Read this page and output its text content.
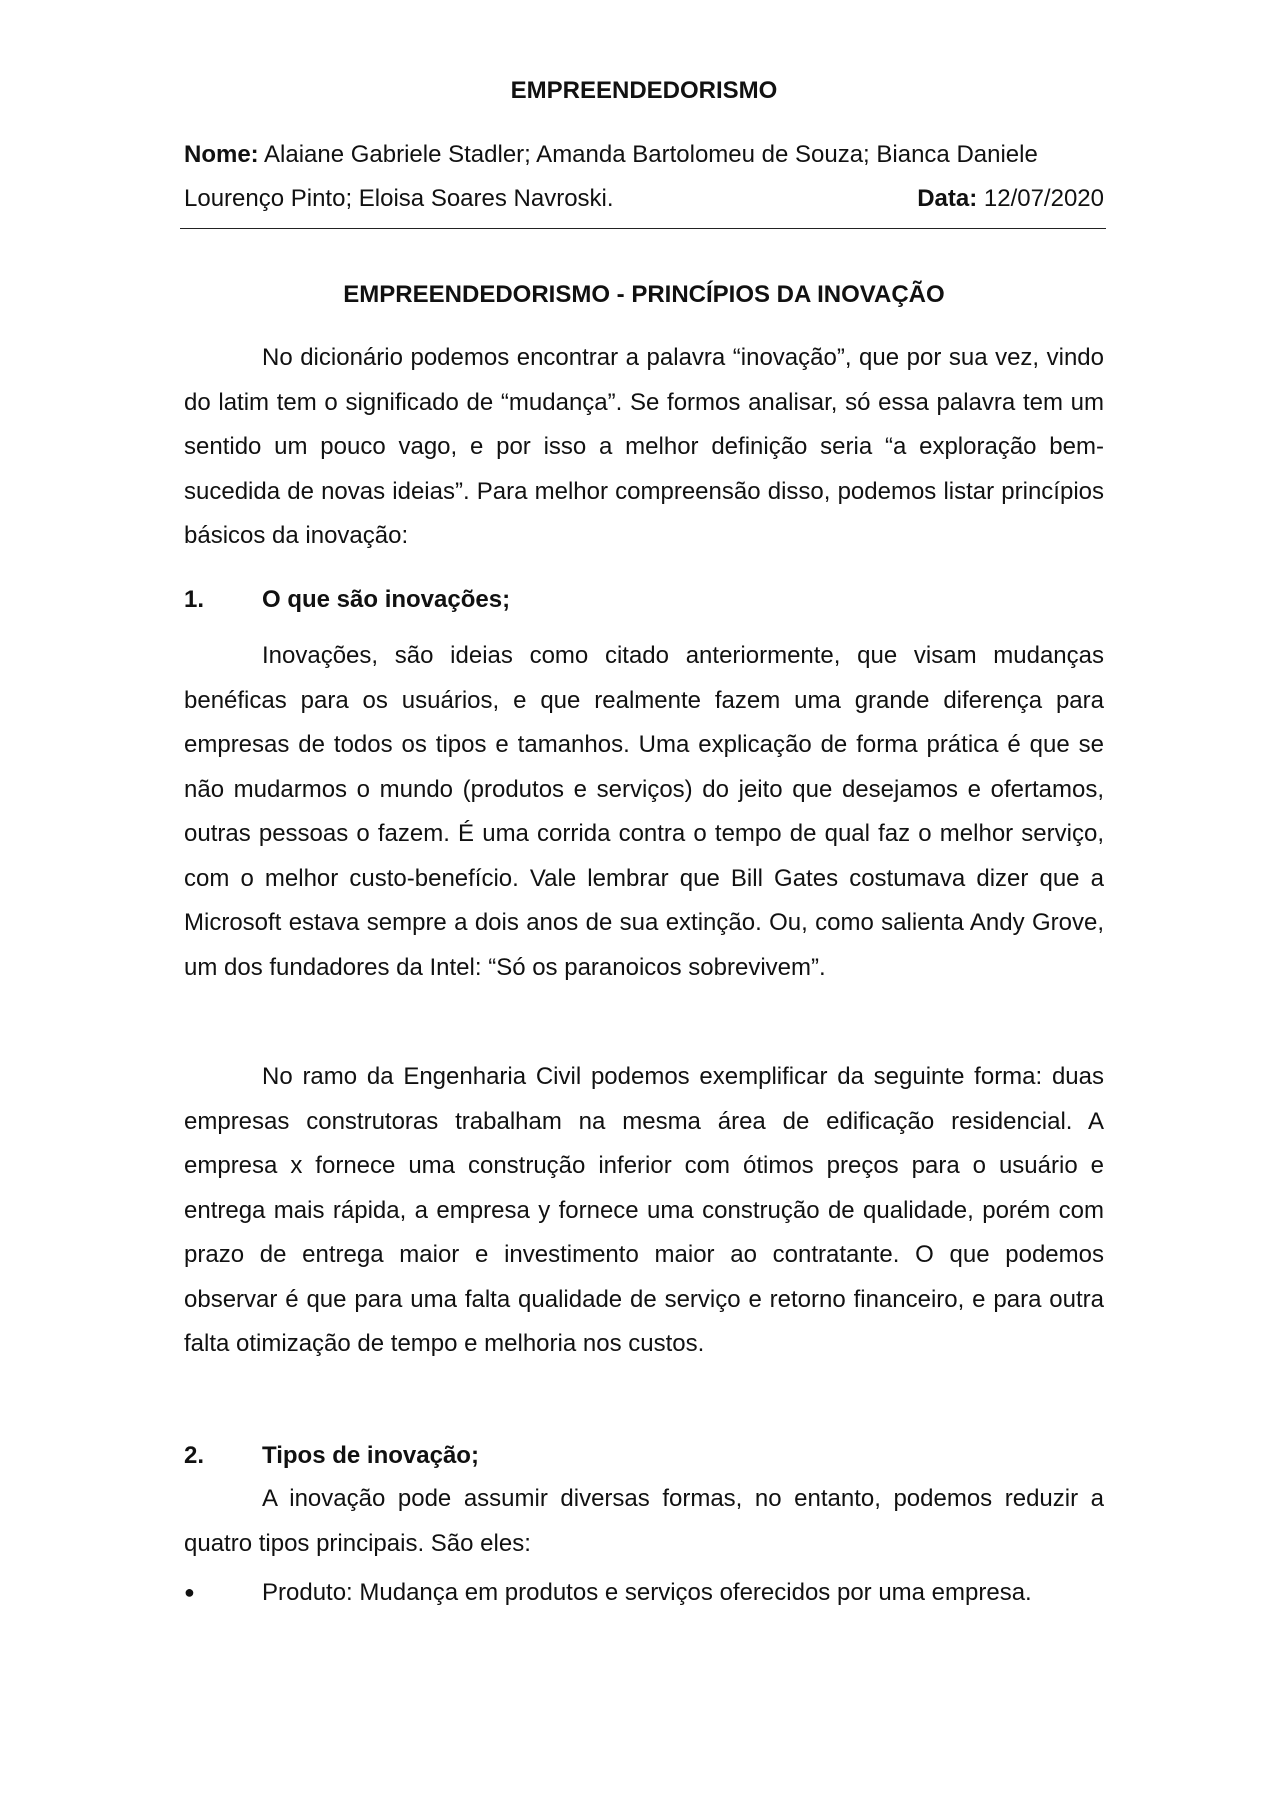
EMPREENDEDORISMO
Nome: Alaiane Gabriele Stadler; Amanda Bartolomeu de Souza; Bianca Daniele
Lourenço Pinto; Eloisa Soares Navroski.	Data: 12/07/2020
EMPREENDEDORISMO - PRINCÍPIOS DA INOVAÇÃO

No dicionário podemos encontrar a palavra “inovação”, que por sua vez, vindo do latim tem o significado de “mudança”. Se formos analisar, só essa palavra tem um sentido um pouco vago, e por isso a melhor definição seria “a exploração bem-sucedida de novas ideias”. Para melhor compreensão disso, podemos listar princípios básicos da inovação:

1. O que são inovações;

Inovações, são ideias como citado anteriormente, que visam mudanças benéficas para os usuários, e que realmente fazem uma grande diferença para empresas de todos os tipos e tamanhos. Uma explicação de forma prática é que se não mudarmos o mundo (produtos e serviços) do jeito que desejamos e ofertamos, outras pessoas o fazem. É uma corrida contra o tempo de qual faz o melhor serviço, com o melhor custo-benefício. Vale lembrar que Bill Gates costumava dizer que a Microsoft estava sempre a dois anos de sua extinção. Ou, como salienta Andy Grove, um dos fundadores da Intel: “Só os paranoicos sobrevivem”.

No ramo da Engenharia Civil podemos exemplificar da seguinte forma: duas empresas construtoras trabalham na mesma área de edificação residencial. A empresa x fornece uma construção inferior com ótimos preços para o usuário e entrega mais rápida, a empresa y fornece uma construção de qualidade, porém com prazo de entrega maior e investimento maior ao contratante. O que podemos observar é que para uma falta qualidade de serviço e retorno financeiro, e para outra falta otimização de tempo e melhoria nos custos.

2. Tipos de inovação;

A inovação pode assumir diversas formas, no entanto, podemos reduzir a quatro tipos principais. São eles:

●	Produto: Mudança em produtos e serviços oferecidos por uma empresa.
